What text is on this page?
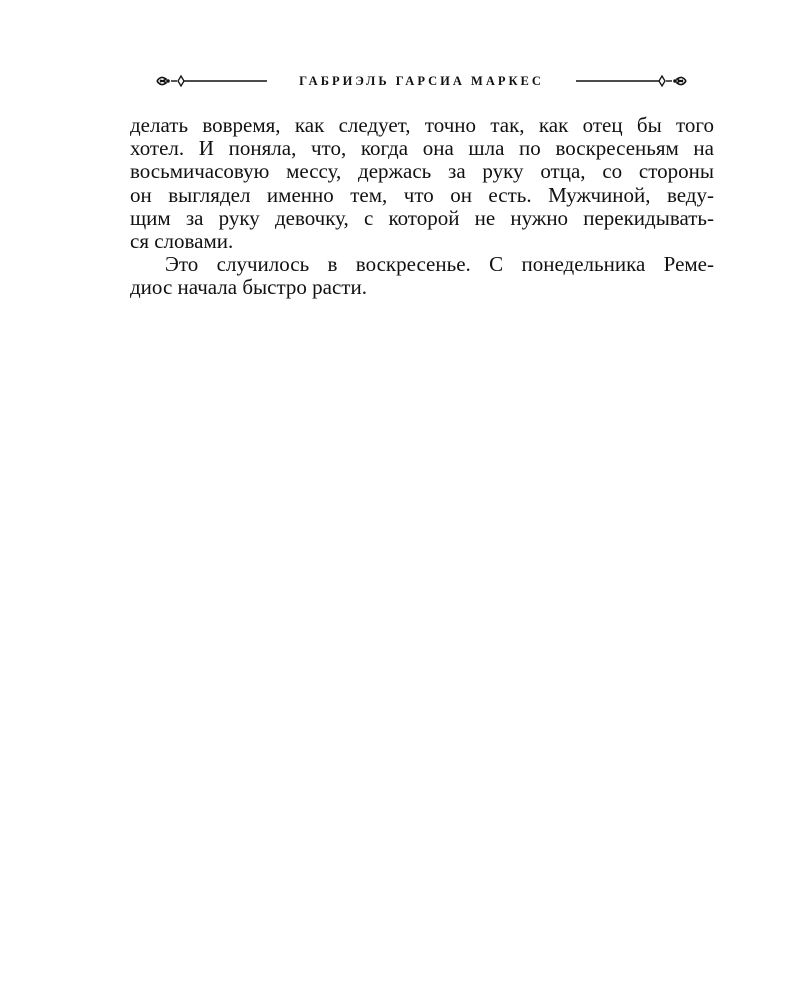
ГАБРИЭЛЬ ГАРСИА МАРКЕС
делать вовремя, как следует, точно так, как отец бы того
хотел. И поняла, что, когда она шла по воскресеньям на
восьмичасовую мессу, держась за руку отца, со стороны
он выглядел именно тем, что он есть. Мужчиной, веду-
щим за руку девочку, с которой не нужно перекидывать-
ся словами.
Это случилось в воскресенье. С понедельника Реме-
диос начала быстро расти.
